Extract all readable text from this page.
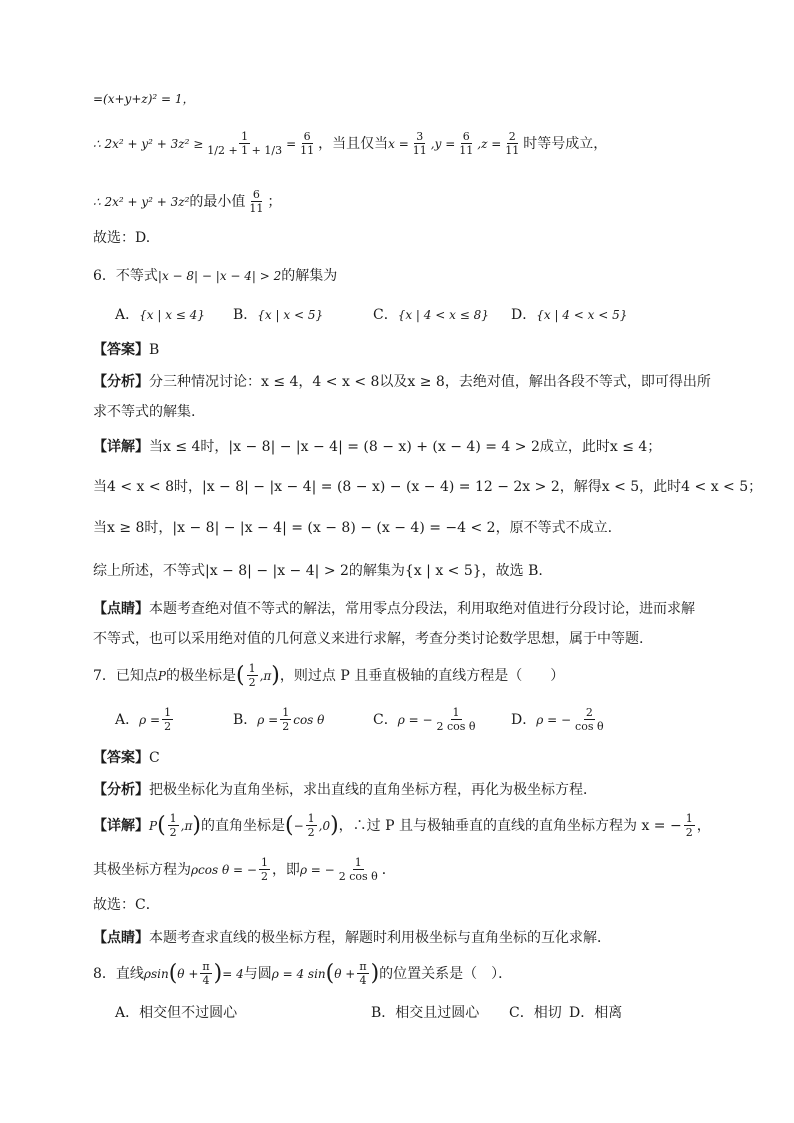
=(x+y+z)² = 1，
∴ $2x^2 + y^2 + 3z^2 \ge \frac{1}{1/2 + 1 + 1/3} = \frac{6}{11}$ ，当且仅当 $x = \frac{3}{11} ,y = \frac{6}{11} ,z = \frac{2}{11}$ 时等号成立，
∴ 2x² + y² + 3z² 的最小值 $\frac{6}{11}$ ；
故选：D.
6．不等式|x − 8| − |x − 4| > 2的解集为
A．{x | x ≤ 4} B．{x | x < 5}	C．{x | 4 < x ≤ 8} D．{x | 4 < x < 5}
【答案】B
【分析】分三种情况讨论：x ≤ 4，4 < x < 8以及x ≥ 8，去绝对值，解出各段不等式，即可得出所
求不等式的解集.
【详解】当x ≤ 4时，|x − 8| − |x − 4| = (8 − x) + (x − 4) = 4 > 2成立，此时x ≤ 4；
当4 < x < 8时，|x − 8| − |x − 4| = (8 − x) − (x − 4) = 12 − 2x > 2，解得x < 5，此时4 < x < 5；
当x ≥ 8时，|x − 8| − |x − 4| = (x − 8) − (x − 4) = −4 < 2，原不等式不成立.
综上所述，不等式|x − 8| − |x − 4| > 2的解集为{x | x < 5}，故选 B.
【点睛】本题考查绝对值不等式的解法，常用零点分段法，利用取绝对值进行分段讨论，进而求解
不等式，也可以采用绝对值的几何意义来进行求解，考查分类讨论数学思想，属于中等题.
7．已知点 P 的极坐标是 ( $\frac{1}{2} ,\pi$ ) ，则过点 P 且垂直极轴的直线方程是（　　）
A． $\rho = \frac{1}{2}$	B． $\rho = \frac{1}{2}$ cos θ	C． ρ = − $\frac{1}{\text{2 cos θ}}$ D． ρ = − $\frac{2}{\text{cos θ}}$
【答案】C
【分析】把极坐标化为直角坐标，求出直线的直角坐标方程，再化为极坐标方程．
【详解】 P ( $\frac{1}{2} ,\pi$ ) 的直角坐标是 ( − $\frac{1}{2} ,0$ ) ，∴过 P 且与极轴垂直的直线的直角坐标方程为 x = − $\frac{1}{2}$ ，
其极坐标方程为 ρcos θ = − $\frac{1}{2}$ ，即 ρ = − $\frac{1}{\text{2 cos θ}}$ ．
故选：C．
【点睛】本题考查求直线的极坐标方程，解题时利用极坐标与直角坐标的互化求解．
8．直线 ρsin ( $\theta + \frac{\pi}{4}$ ) = 4 与圆 ρ = 4 sin ( $\theta + \frac{\pi}{4}$ ) 的位置关系是（　）．
A．相交但不过圆心	B．相交且过圆心 C．相切 D．相离
